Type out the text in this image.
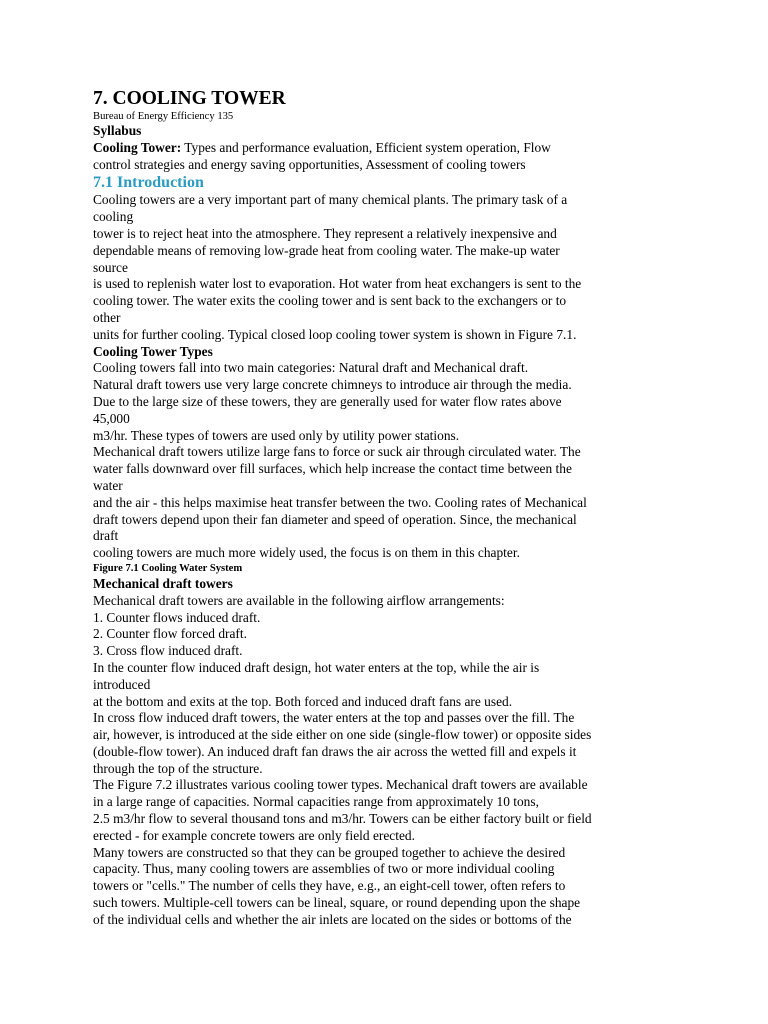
7. COOLING TOWER
Bureau of Energy Efficiency 135
Syllabus
Cooling Tower: Types and performance evaluation, Efficient system operation, Flow
control strategies and energy saving opportunities, Assessment of cooling towers
7.1 Introduction
Cooling towers are a very important part of many chemical plants. The primary task of a
cooling
tower is to reject heat into the atmosphere. They represent a relatively inexpensive and
dependable means of removing low-grade heat from cooling water. The make-up water
source
is used to replenish water lost to evaporation. Hot water from heat exchangers is sent to the
cooling tower. The water exits the cooling tower and is sent back to the exchangers or to
other
units for further cooling. Typical closed loop cooling tower system is shown in Figure 7.1.
Cooling Tower Types
Cooling towers fall into two main categories: Natural draft and Mechanical draft.
Natural draft towers use very large concrete chimneys to introduce air through the media.
Due to the large size of these towers, they are generally used for water flow rates above
45,000
m3/hr. These types of towers are used only by utility power stations.
Mechanical draft towers utilize large fans to force or suck air through circulated water. The
water falls downward over fill surfaces, which help increase the contact time between the
water
and the air - this helps maximise heat transfer between the two. Cooling rates of Mechanical
draft towers depend upon their fan diameter and speed of operation. Since, the mechanical
draft
cooling towers are much more widely used, the focus is on them in this chapter.
Figure 7.1 Cooling Water System
Mechanical draft towers
Mechanical draft towers are available in the following airflow arrangements:
1. Counter flows induced draft.
2. Counter flow forced draft.
3. Cross flow induced draft.
In the counter flow induced draft design, hot water enters at the top, while the air is
introduced
at the bottom and exits at the top. Both forced and induced draft fans are used.
In cross flow induced draft towers, the water enters at the top and passes over the fill. The
air, however, is introduced at the side either on one side (single-flow tower) or opposite sides
(double-flow tower). An induced draft fan draws the air across the wetted fill and expels it
through the top of the structure.
The Figure 7.2 illustrates various cooling tower types. Mechanical draft towers are available
in a large range of capacities. Normal capacities range from approximately 10 tons,
2.5 m3/hr flow to several thousand tons and m3/hr. Towers can be either factory built or field
erected - for example concrete towers are only field erected.
Many towers are constructed so that they can be grouped together to achieve the desired
capacity. Thus, many cooling towers are assemblies of two or more individual cooling
towers or "cells." The number of cells they have, e.g., an eight-cell tower, often refers to
such towers. Multiple-cell towers can be lineal, square, or round depending upon the shape
of the individual cells and whether the air inlets are located on the sides or bottoms of the
